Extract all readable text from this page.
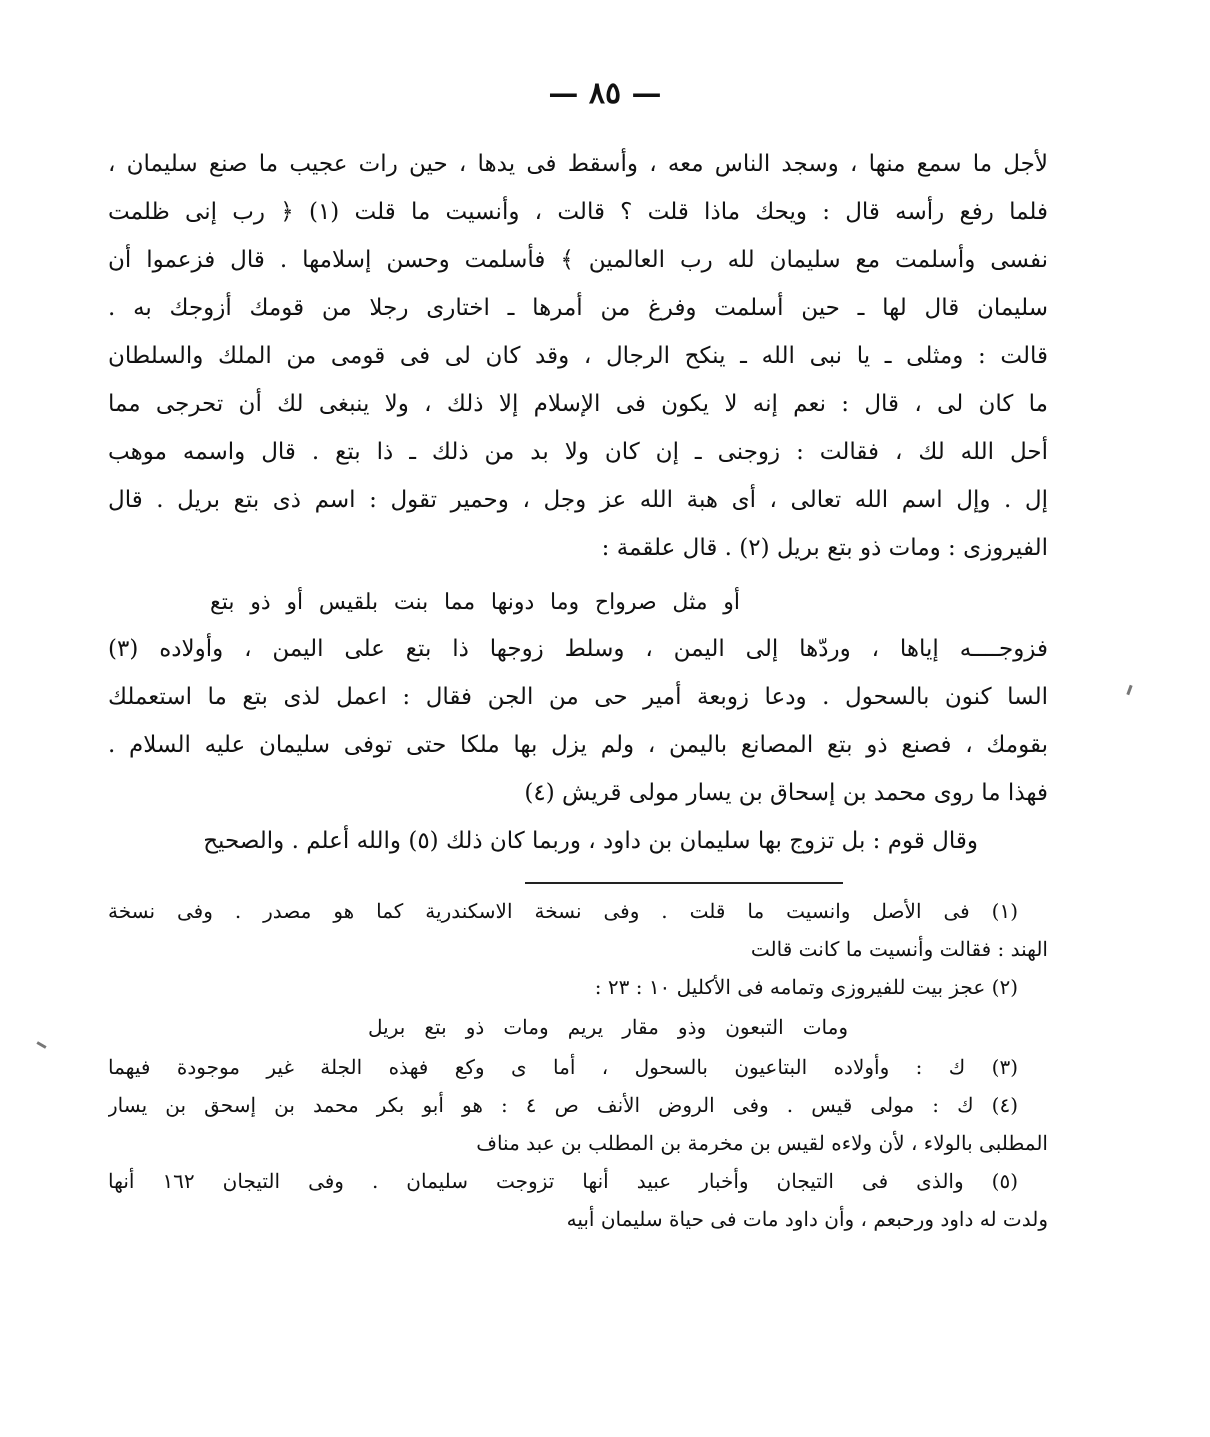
— ٨٥ —
لأجل ما سمع منها ، وسجد الناس معه ، وأسقط فى يدها ، حين رات عجيب ما صنع سليمان ،
فلما رفع رأسه قال : ويحك ماذا قلت ؟ قالت ، وأنسيت ما قلت (١) ﴿ رب إنى ظلمت
نفسى وأسلمت مع سليمان لله رب العالمين ﴾ فأسلمت وحسن إسلامها . قال فزعموا أن
سليمان قال لها ـ حين أسلمت وفرغ من أمرها ـ اختارى رجلا من قومك أزوجك به .
قالت : ومثلى ـ يا نبى الله ـ ينكح الرجال ، وقد كان لى فى قومى من الملك والسلطان
ما كان لى ، قال : نعم إنه لا يكون فى الإسلام إلا ذلك ، ولا ينبغى لك أن تحرجى مما
أحل الله لك ، فقالت : زوجنى ـ إن كان ولا بد من ذلك ـ ذا بتع . قال واسمه موهب
إل . وإل اسم الله تعالى ، أى هبة الله عز وجل ، وحمير تقول : اسم ذى بتع بريل . قال
الفيروزى : ومات ذو بتع بريل (٢) . قال علقمة :
أو مثل صرواح وما دونها مما بنت بلقيس أو ذو بتع
فزوجــــه إياها ، وردّها إلى اليمن ، وسلط زوجها ذا بتع على اليمن ، وأولاده (٣)
السا كنون بالسحول . ودعا زوبعة أمير حى من الجن فقال : اعمل لذى بتع ما استعملك
بقومك ، فصنع ذو بتع المصانع باليمن ، ولم يزل بها ملكا حتى توفى سليمان عليه السلام .
فهذا ما روى محمد بن إسحاق بن يسار مولى قريش (٤)
وقال قوم : بل تزوج بها سليمان بن داود ، وربما كان ذلك (٥) والله أعلم . والصحيح
(١) فى الأصل وانسيت ما قلت . وفى نسخة الاسكندرية كما هو مصدر . وفى نسخة
الهند : فقالت وأنسيت ما كانت قالت
(٢) عجز بيت للفيروزى وتمامه فى الأكليل ١٠ : ٢٣ :
ومات التبعون وذو مقار يريم ومات ذو بتع بريل
(٣) ك : وأولاده البتاعيون بالسحول ، أما ى وكع فهذه الجلة غير موجودة فيهما
(٤) ك : مولى قيس . وفى الروض الأنف ص ٤ : هو أبو بكر محمد بن إسحق بن يسار
المطلبى بالولاء ، لأن ولاءه لقيس بن مخرمة بن المطلب بن عبد مناف
(٥) والذى فى التيجان وأخبار عبيد أنها تزوجت سليمان . وفى التيجان ١٦٢ أنها
ولدت له داود ورحبعم ، وأن داود مات فى حياة سليمان أبيه
